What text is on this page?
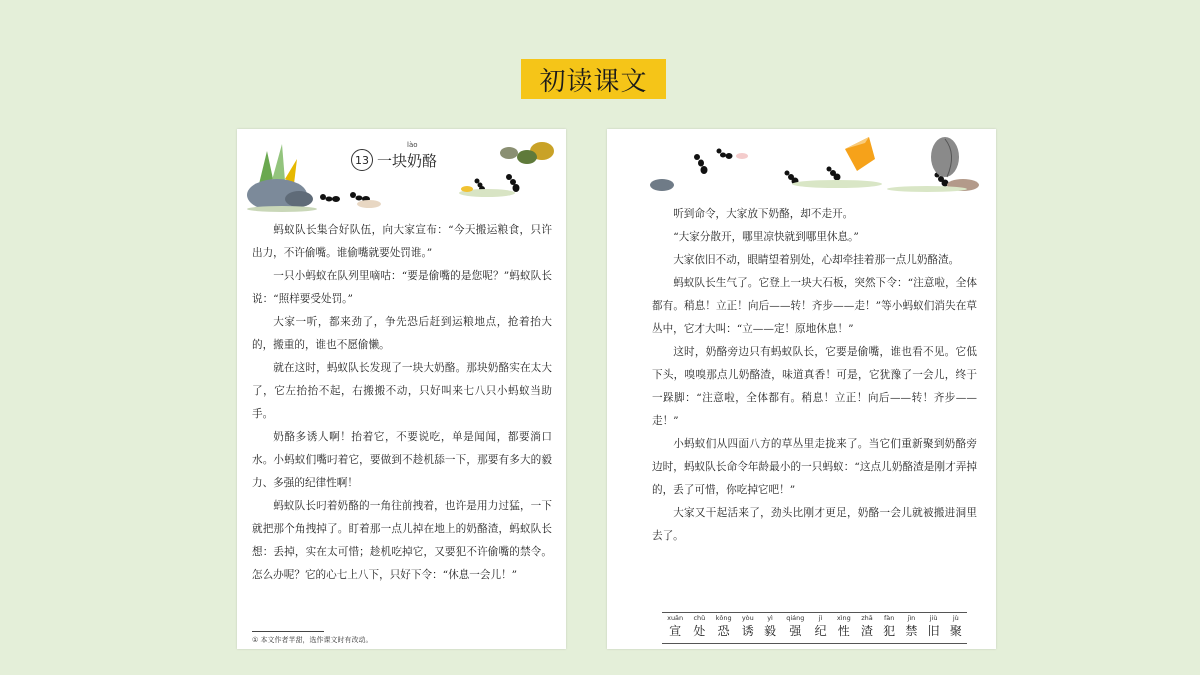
初读课文
lào
13 一块奶酪
蚂蚁队长集合好队伍，向大家宣布：“今天搬运粮食，只许出力，不许偷嘴。谁偷嘴就要处罚谁。”
一只小蚂蚁在队列里嘀咕：“要是偷嘴的是您呢？”蚂蚁队长说：“照样要受处罚。”
大家一听，都来劲了，争先恐后赶到运粮地点，抢着抬大的，搬重的，谁也不愿偷懒。
就在这时，蚂蚁队长发现了一块大奶酪。那块奶酪实在太大了，它左抬抬不起，右搬搬不动，只好叫来七八只小蚂蚁当助手。
奶酪多诱人啊！抬着它，不要说吃，单是闻闻，都要淌口水。小蚂蚁们嘴叼着它，要做到不趁机舔一下，那要有多大的毅力、多强的纪律性啊！
蚂蚁队长叼着奶酪的一角往前拽着，也许是用力过猛，一下就把那个角拽掉了。盯着那一点儿掉在地上的奶酪渣，蚂蚁队长想：丢掉，实在太可惜；趁机吃掉它，又要犯不许偷嘴的禁令。怎么办呢？它的心七上八下，只好下令：“休息一会儿！”
① 本文作者芊甜，选作课文时有改动。
听到命令，大家放下奶酪，却不走开。
“大家分散开，哪里凉快就到哪里休息。”
大家依旧不动，眼睛望着别处，心却牵挂着那一点儿奶酪渣。
蚂蚁队长生气了。它登上一块大石板，突然下令：“注意啦，全体都有。稍息！立正！向后——转！齐步——走！”等小蚂蚁们消失在草丛中，它才大叫：“立——定！原地休息！”
这时，奶酪旁边只有蚂蚁队长，它要是偷嘴，谁也看不见。它低下头，嗅嗅那点儿奶酪渣，味道真香！可是，它犹豫了一会儿，终于一跺脚：“注意啦，全体都有。稍息！立正！向后——转！齐步——走！”
小蚂蚁们从四面八方的草丛里走拢来了。当它们重新聚到奶酪旁边时，蚂蚁队长命令年龄最小的一只蚂蚁：“这点儿奶酪渣是刚才弄掉的，丢了可惜，你吃掉它吧！”
大家又干起活来了，劲头比刚才更足，奶酪一会儿就被搬进洞里去了。
xuān
宣
chǔ
处
kǒng
恐
yòu
诱
yì
毅
qiáng
强
jì
纪
xìng
性
zhā
渣
fàn
犯
jìn
禁
jiù
旧
jù
聚
